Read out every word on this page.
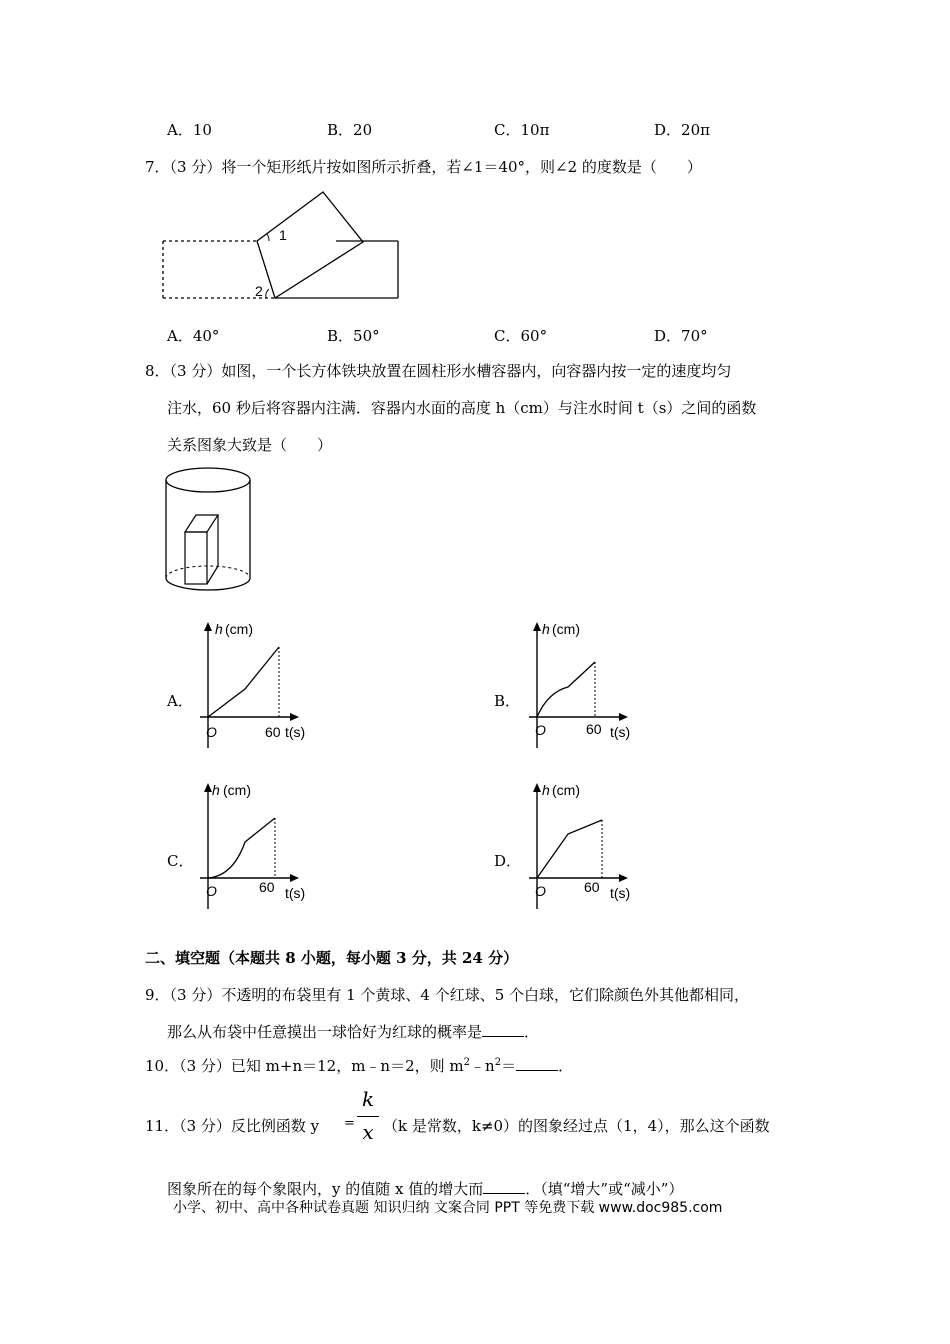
A．10	B．20	C．10π	D．20π
7．（3 分）将一个矩形纸片按如图所示折叠，若∠1＝40°，则∠2 的度数是（　　）
1
2
A．40°	B．50°	C．60°	D．70°
8．（3 分）如图，一个长方体铁块放置在圆柱形水槽容器内，向容器内按一定的速度均匀
注水，60 秒后将容器内注满．容器内水面的高度 h（cm）与注水时间 t（s）之间的函数
关系图象大致是（　　）
A．
h (cm)
O	60 t(s)
B．
h (cm)
O	60 t(s)
C．
h (cm)
O	60 t(s)
D．
h (cm)
O	60 t(s)
二、填空题（本题共 8 小题，每小题 3 分，共 24 分）
9．（3 分）不透明的布袋里有 1 个黄球、4 个红球、5 个白球，它们除颜色外其他都相同，
那么从布袋中任意摸出一球恰好为红球的概率是	．
10．（3 分）已知 m+n＝12，m﹣n＝2，则 $m^2﹣n^2=$	．
11．（3 分）反比例函数 y =
k
x （k 是常数，k≠0）的图象经过点（1，4），那么这个函数
图象所在的每个象限内，y 的值随 x 值的增大而	．（填“增大”或“减小”）
小学、初中、高中各种试卷真题 知识归纳 文案合同 PPT 等免费下载 www.doc985.com
